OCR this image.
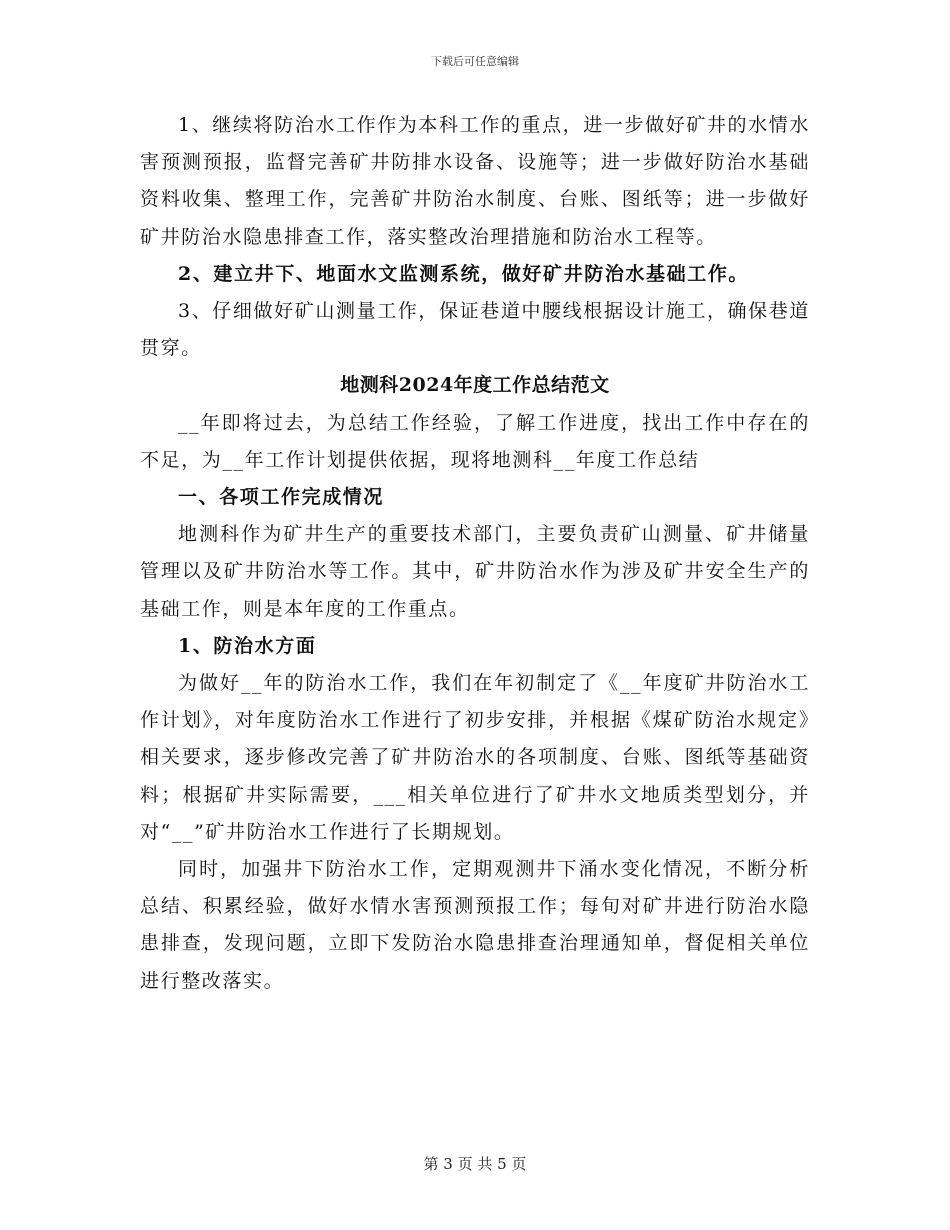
下载后可任意编辑

1、继续将防治水工作作为本科工作的重点，进一步做好矿井的水情水害预测预报，监督完善矿井防排水设备、设施等；进一步做好防治水基础资料收集、整理工作，完善矿井防治水制度、台账、图纸等；进一步做好矿井防治水隐患排查工作，落实整改治理措施和防治水工程等。

2、建立井下、地面水文监测系统，做好矿井防治水基础工作。

3、仔细做好矿山测量工作，保证巷道中腰线根据设计施工，确保巷道贯穿。

地测科2024年度工作总结范文

__年即将过去，为总结工作经验，了解工作进度，找出工作中存在的不足，为__年工作计划提供依据，现将地测科__年度工作总结

一、各项工作完成情况

地测科作为矿井生产的重要技术部门，主要负责矿山测量、矿井储量管理以及矿井防治水等工作。其中，矿井防治水作为涉及矿井安全生产的基础工作，则是本年度的工作重点。

1、防治水方面

为做好__年的防治水工作，我们在年初制定了《__年度矿井防治水工作计划》，对年度防治水工作进行了初步安排，并根据《煤矿防治水规定》相关要求，逐步修改完善了矿井防治水的各项制度、台账、图纸等基础资料；根据矿井实际需要，___相关单位进行了矿井水文地质类型划分，并对“__”矿井防治水工作进行了长期规划。

同时，加强井下防治水工作，定期观测井下涌水变化情况，不断分析总结、积累经验，做好水情水害预测预报工作；每旬对矿井进行防治水隐患排查，发现问题，立即下发防治水隐患排查治理通知单，督促相关单位进行整改落实。

第 3 页 共 5 页
